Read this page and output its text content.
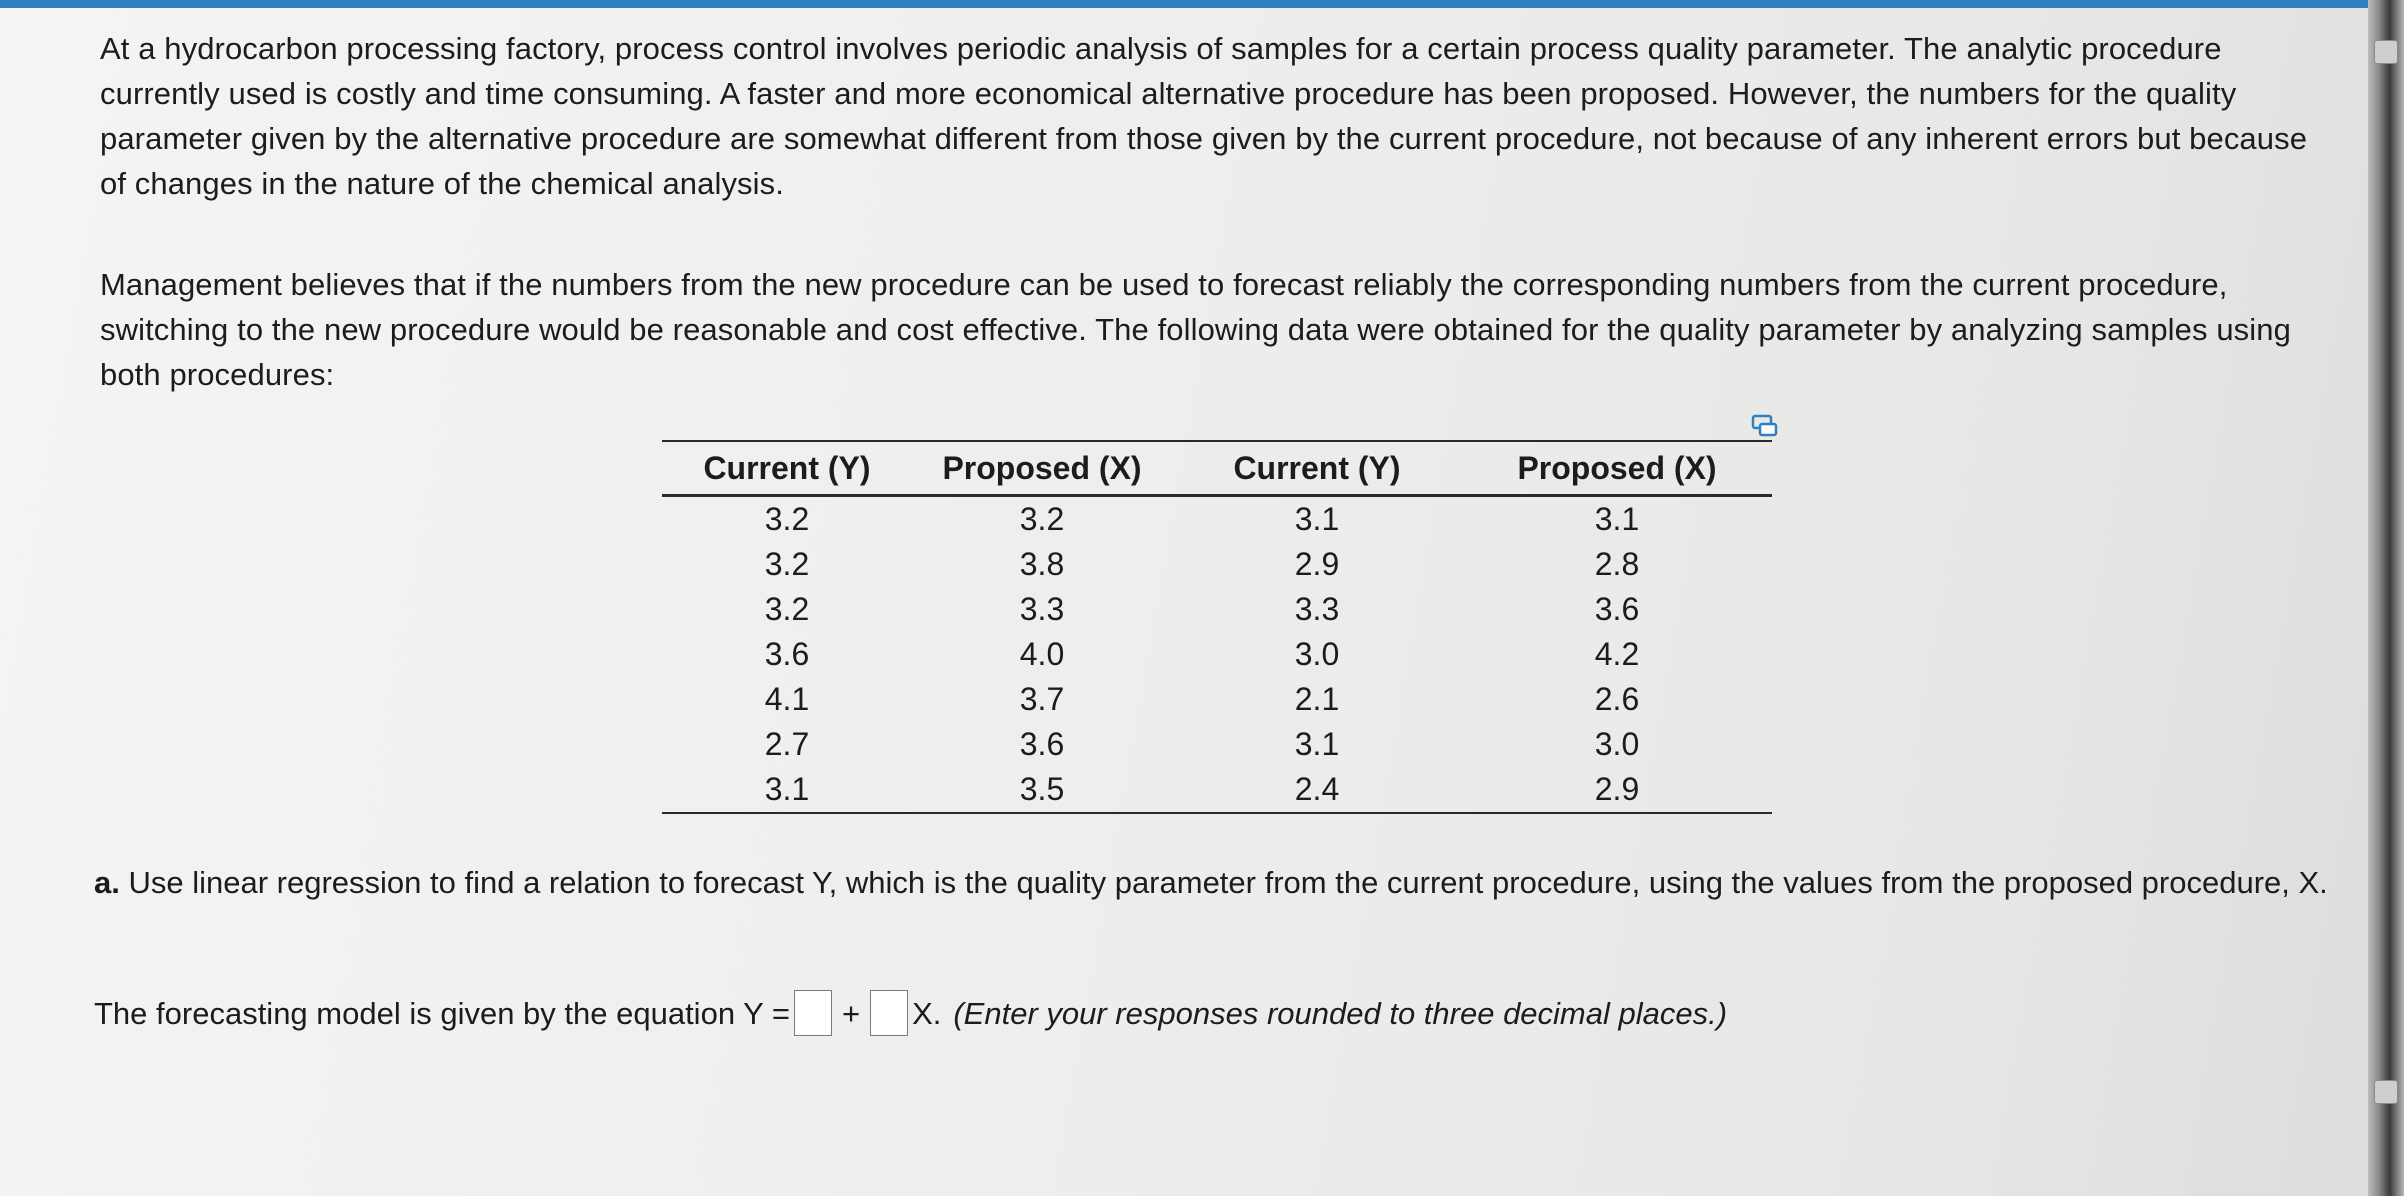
At a hydrocarbon processing factory, process control involves periodic analysis of samples for a certain process quality parameter. The analytic procedure currently used is costly and time consuming. A faster and more economical alternative procedure has been proposed. However, the numbers for the quality parameter given by the alternative procedure are somewhat different from those given by the current procedure, not because of any inherent errors but because of changes in the nature of the chemical analysis.

Management believes that if the numbers from the new procedure can be used to forecast reliably the corresponding numbers from the current procedure, switching to the new procedure would be reasonable and cost effective. The following data were obtained for the quality parameter by analyzing samples using both procedures:

Current (Y)	Proposed (X)	Current (Y)	Proposed (X)
3.2	3.2	3.1	3.1
3.2	3.8	2.9	2.8
3.2	3.3	3.3	3.6
3.6	4.0	3.0	4.2
4.1	3.7	2.1	2.6
2.7	3.6	3.1	3.0
3.1	3.5	2.4	2.9

a. Use linear regression to find a relation to forecast Y, which is the quality parameter from the current procedure, using the values from the proposed procedure, X.

The forecasting model is given by the equation Y = + X. (Enter your responses rounded to three decimal places.)
